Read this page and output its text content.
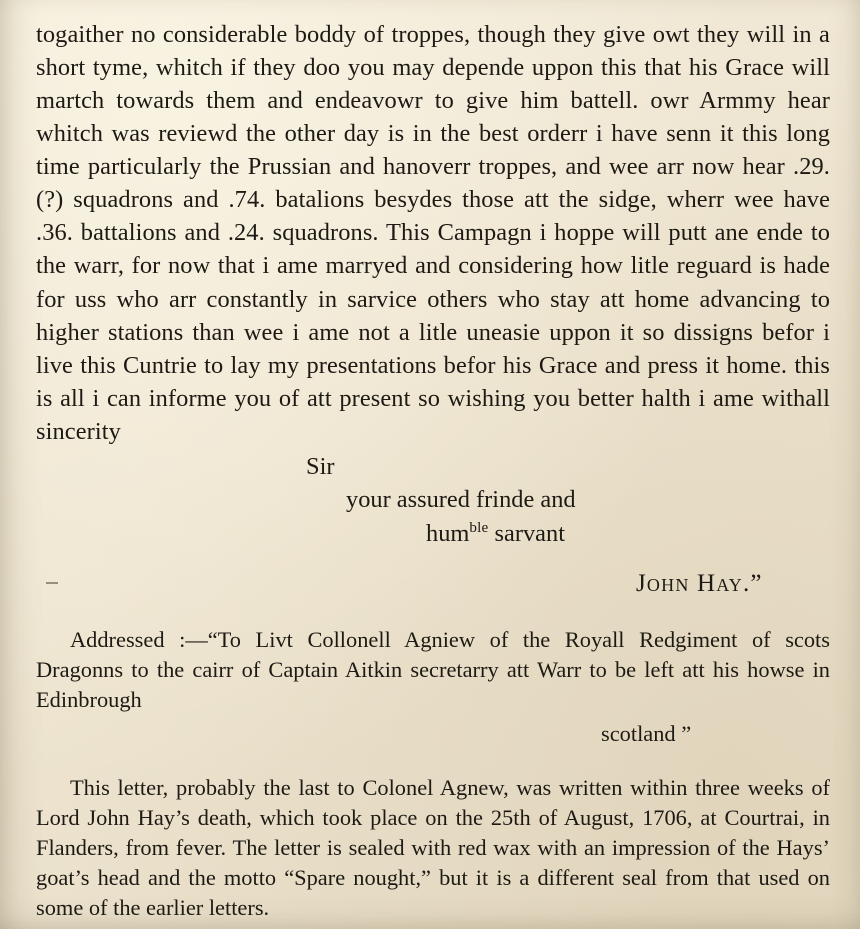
togaither no considerable boddy of troppes, though they give owt they will in a short tyme, whitch if they doo you may depende uppon this that his Grace will martch towards them and endeavowr to give him battell. owr Armmy hear whitch was reviewd the other day is in the best orderr i have senn it this long time particularly the Prussian and hanoverr troppes, and wee arr now hear .29. (?) squadrons and .74. batalions besydes those att the sidge, wherr wee have .36. battalions and .24. squadrons. This Campagn i hoppe will putt ane ende to the warr, for now that i ame marryed and considering how litle reguard is hade for uss who arr constantly in sarvice others who stay att home advancing to higher stations than wee i ame not a litle uneasie uppon it so dissigns befor i live this Cuntrie to lay my presentations befor his Grace and press it home. this is all i can informe you of att present so wishing you better halth i ame withall sincerity

Sir
your assured frinde and
hum$^{ble}$ sarvant
John Hay.”
Addressed :—“To Livt Collonell Agniew of the Royall Redgiment of scots Dragonns to the cairr of Captain Aitkin secretarry att Warr to be left att his howse in Edinbrough
scotland ”
This letter, probably the last to Colonel Agnew, was written within three weeks of Lord John Hay’s death, which took place on the 25th of August, 1706, at Courtrai, in Flanders, from fever. The letter is sealed with red wax with an impression of the Hays’ goat’s head and the motto “Spare nought,” but it is a different seal from that used on some of the earlier letters.
